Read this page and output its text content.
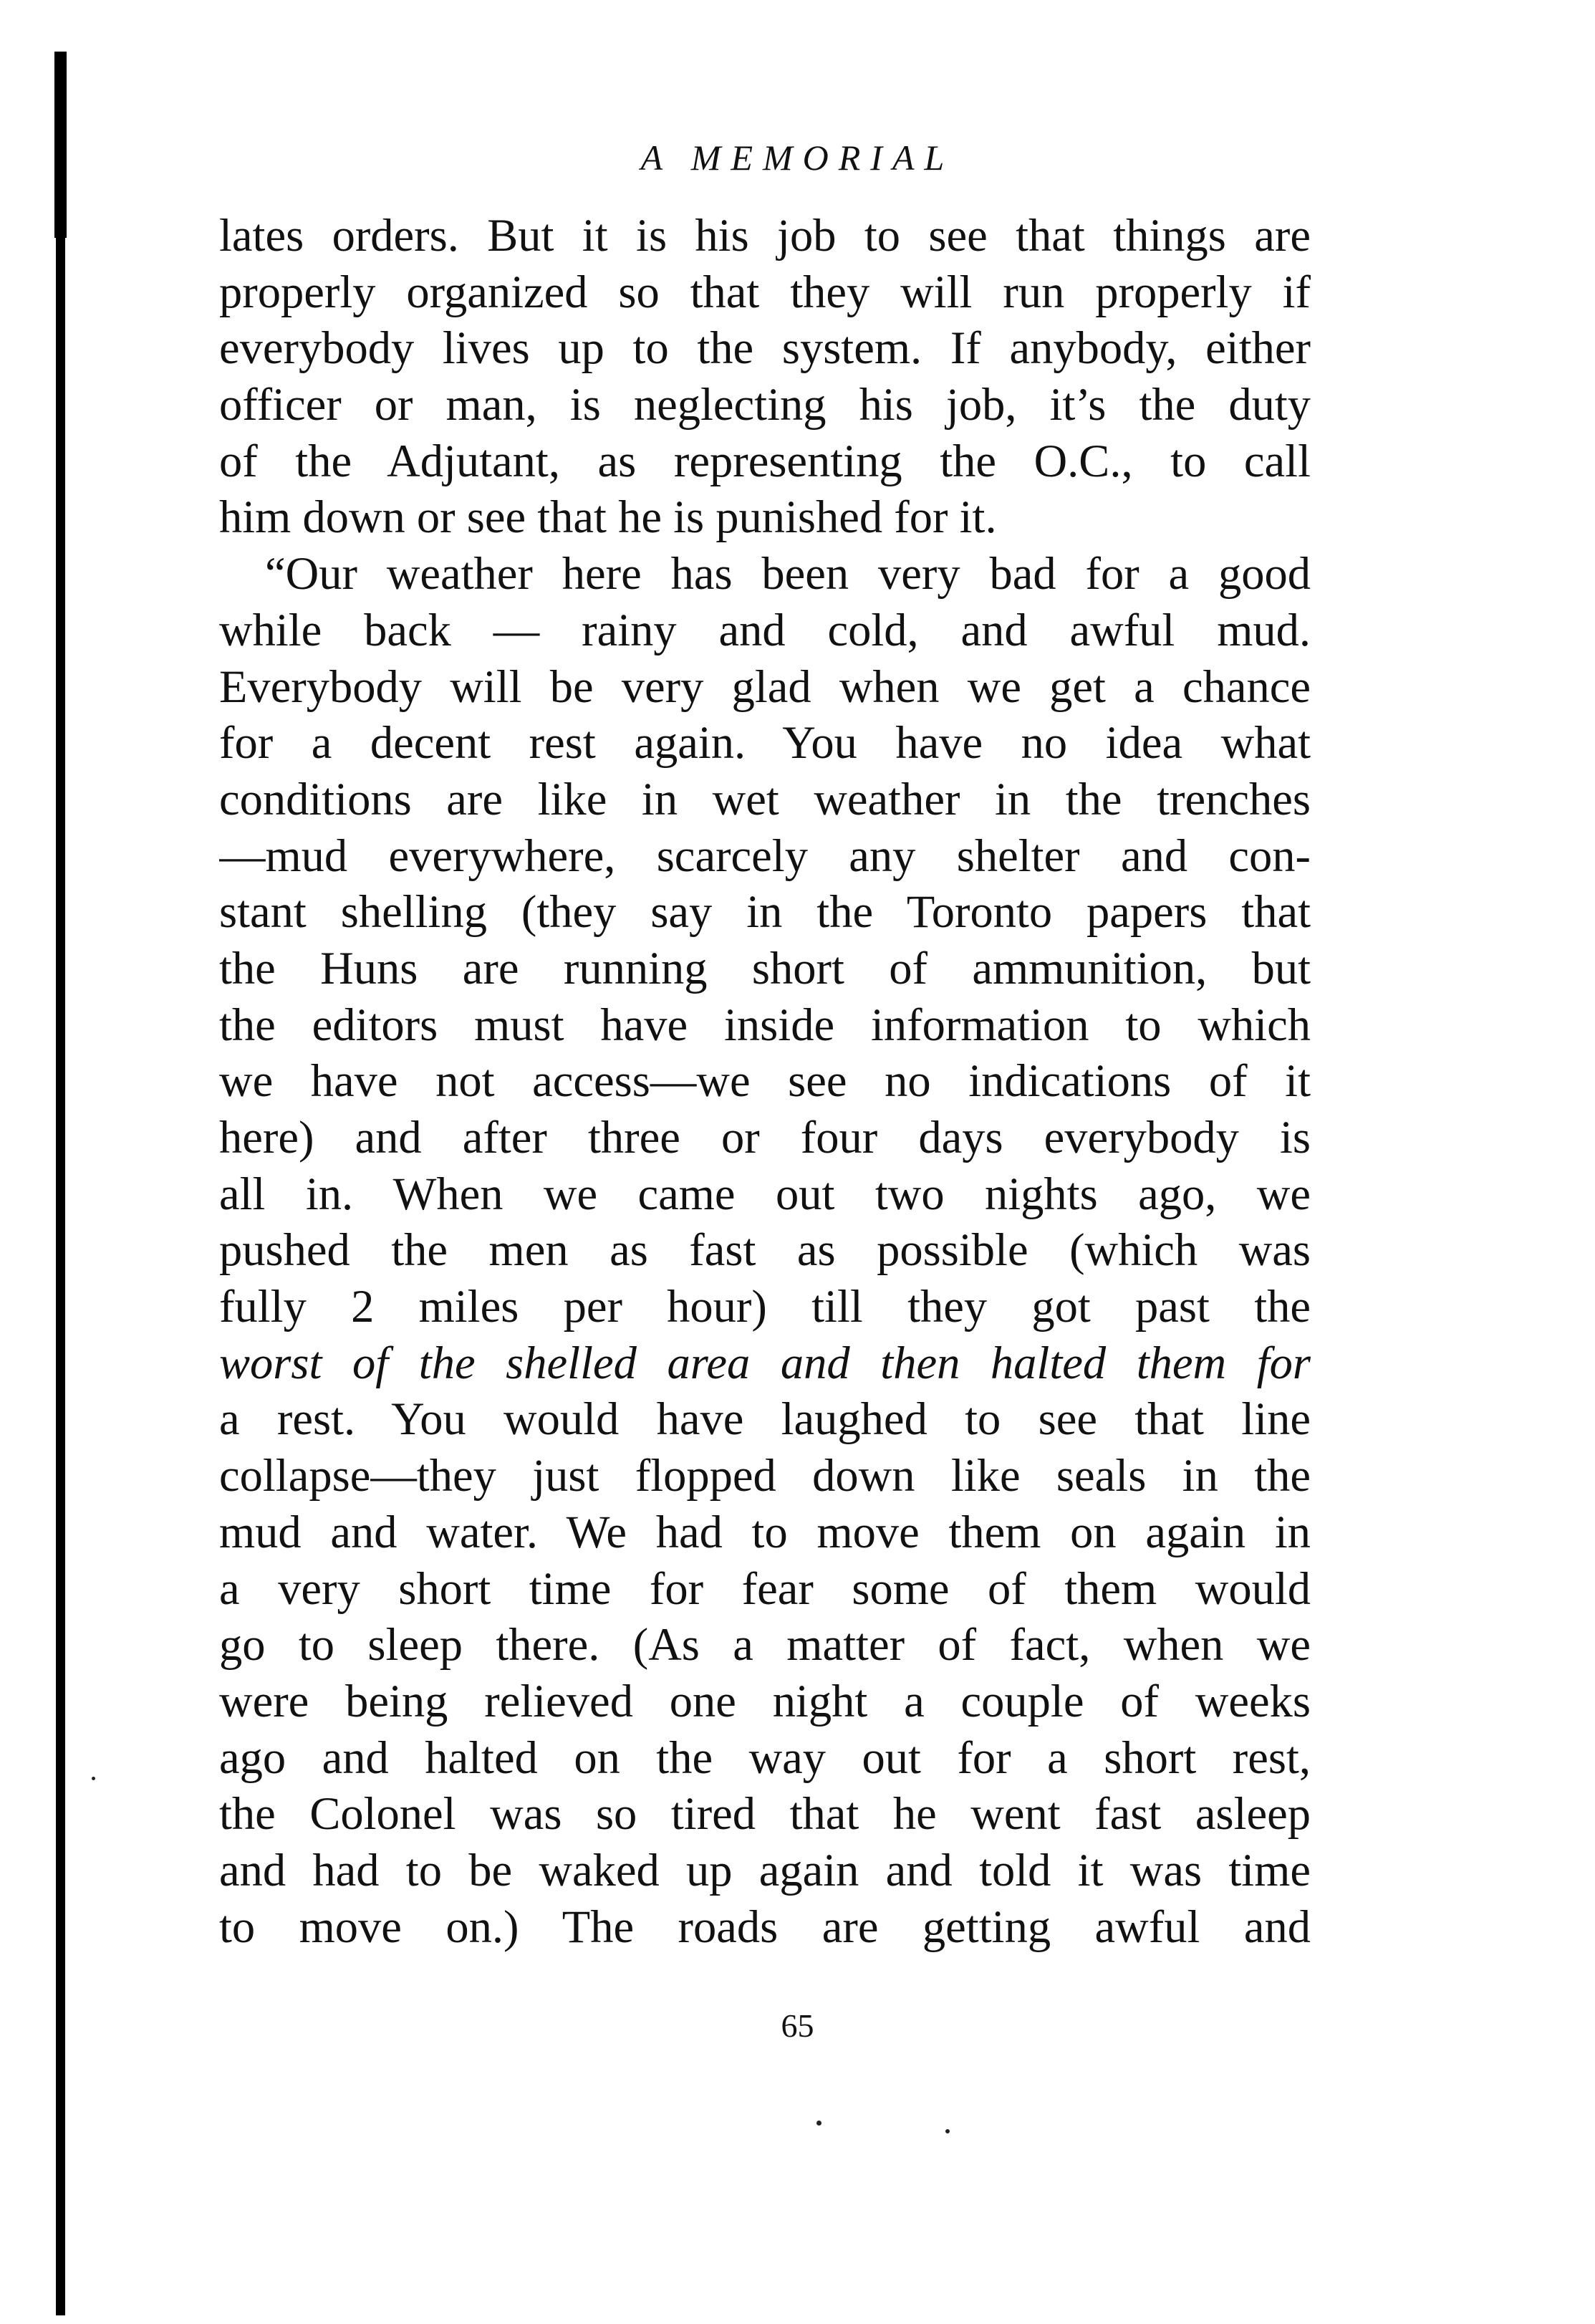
A MEMORIAL
lates orders. But it is his job to see that things are
properly organized so that they will run properly if
everybody lives up to the system. If anybody, either
officer or man, is neglecting his job, it’s the duty
of the Adjutant, as representing the O.C., to call
him down or see that he is punished for it.
“Our weather here has been very bad for a good
while back — rainy and cold, and awful mud.
Everybody will be very glad when we get a chance
for a decent rest again. You have no idea what
conditions are like in wet weather in the trenches
—mud everywhere, scarcely any shelter and con-
stant shelling (they say in the Toronto papers that
the Huns are running short of ammunition, but
the editors must have inside information to which
we have not access—we see no indications of it
here) and after three or four days everybody is
all in. When we came out two nights ago, we
pushed the men as fast as possible (which was
fully 2 miles per hour) till they got past the
worst of the shelled area and then halted them for
a rest. You would have laughed to see that line
collapse—they just flopped down like seals in the
mud and water. We had to move them on again in
a very short time for fear some of them would
go to sleep there. (As a matter of fact, when we
were being relieved one night a couple of weeks
ago and halted on the way out for a short rest,
the Colonel was so tired that he went fast asleep
and had to be waked up again and told it was time
to move on.) The roads are getting awful and
65
